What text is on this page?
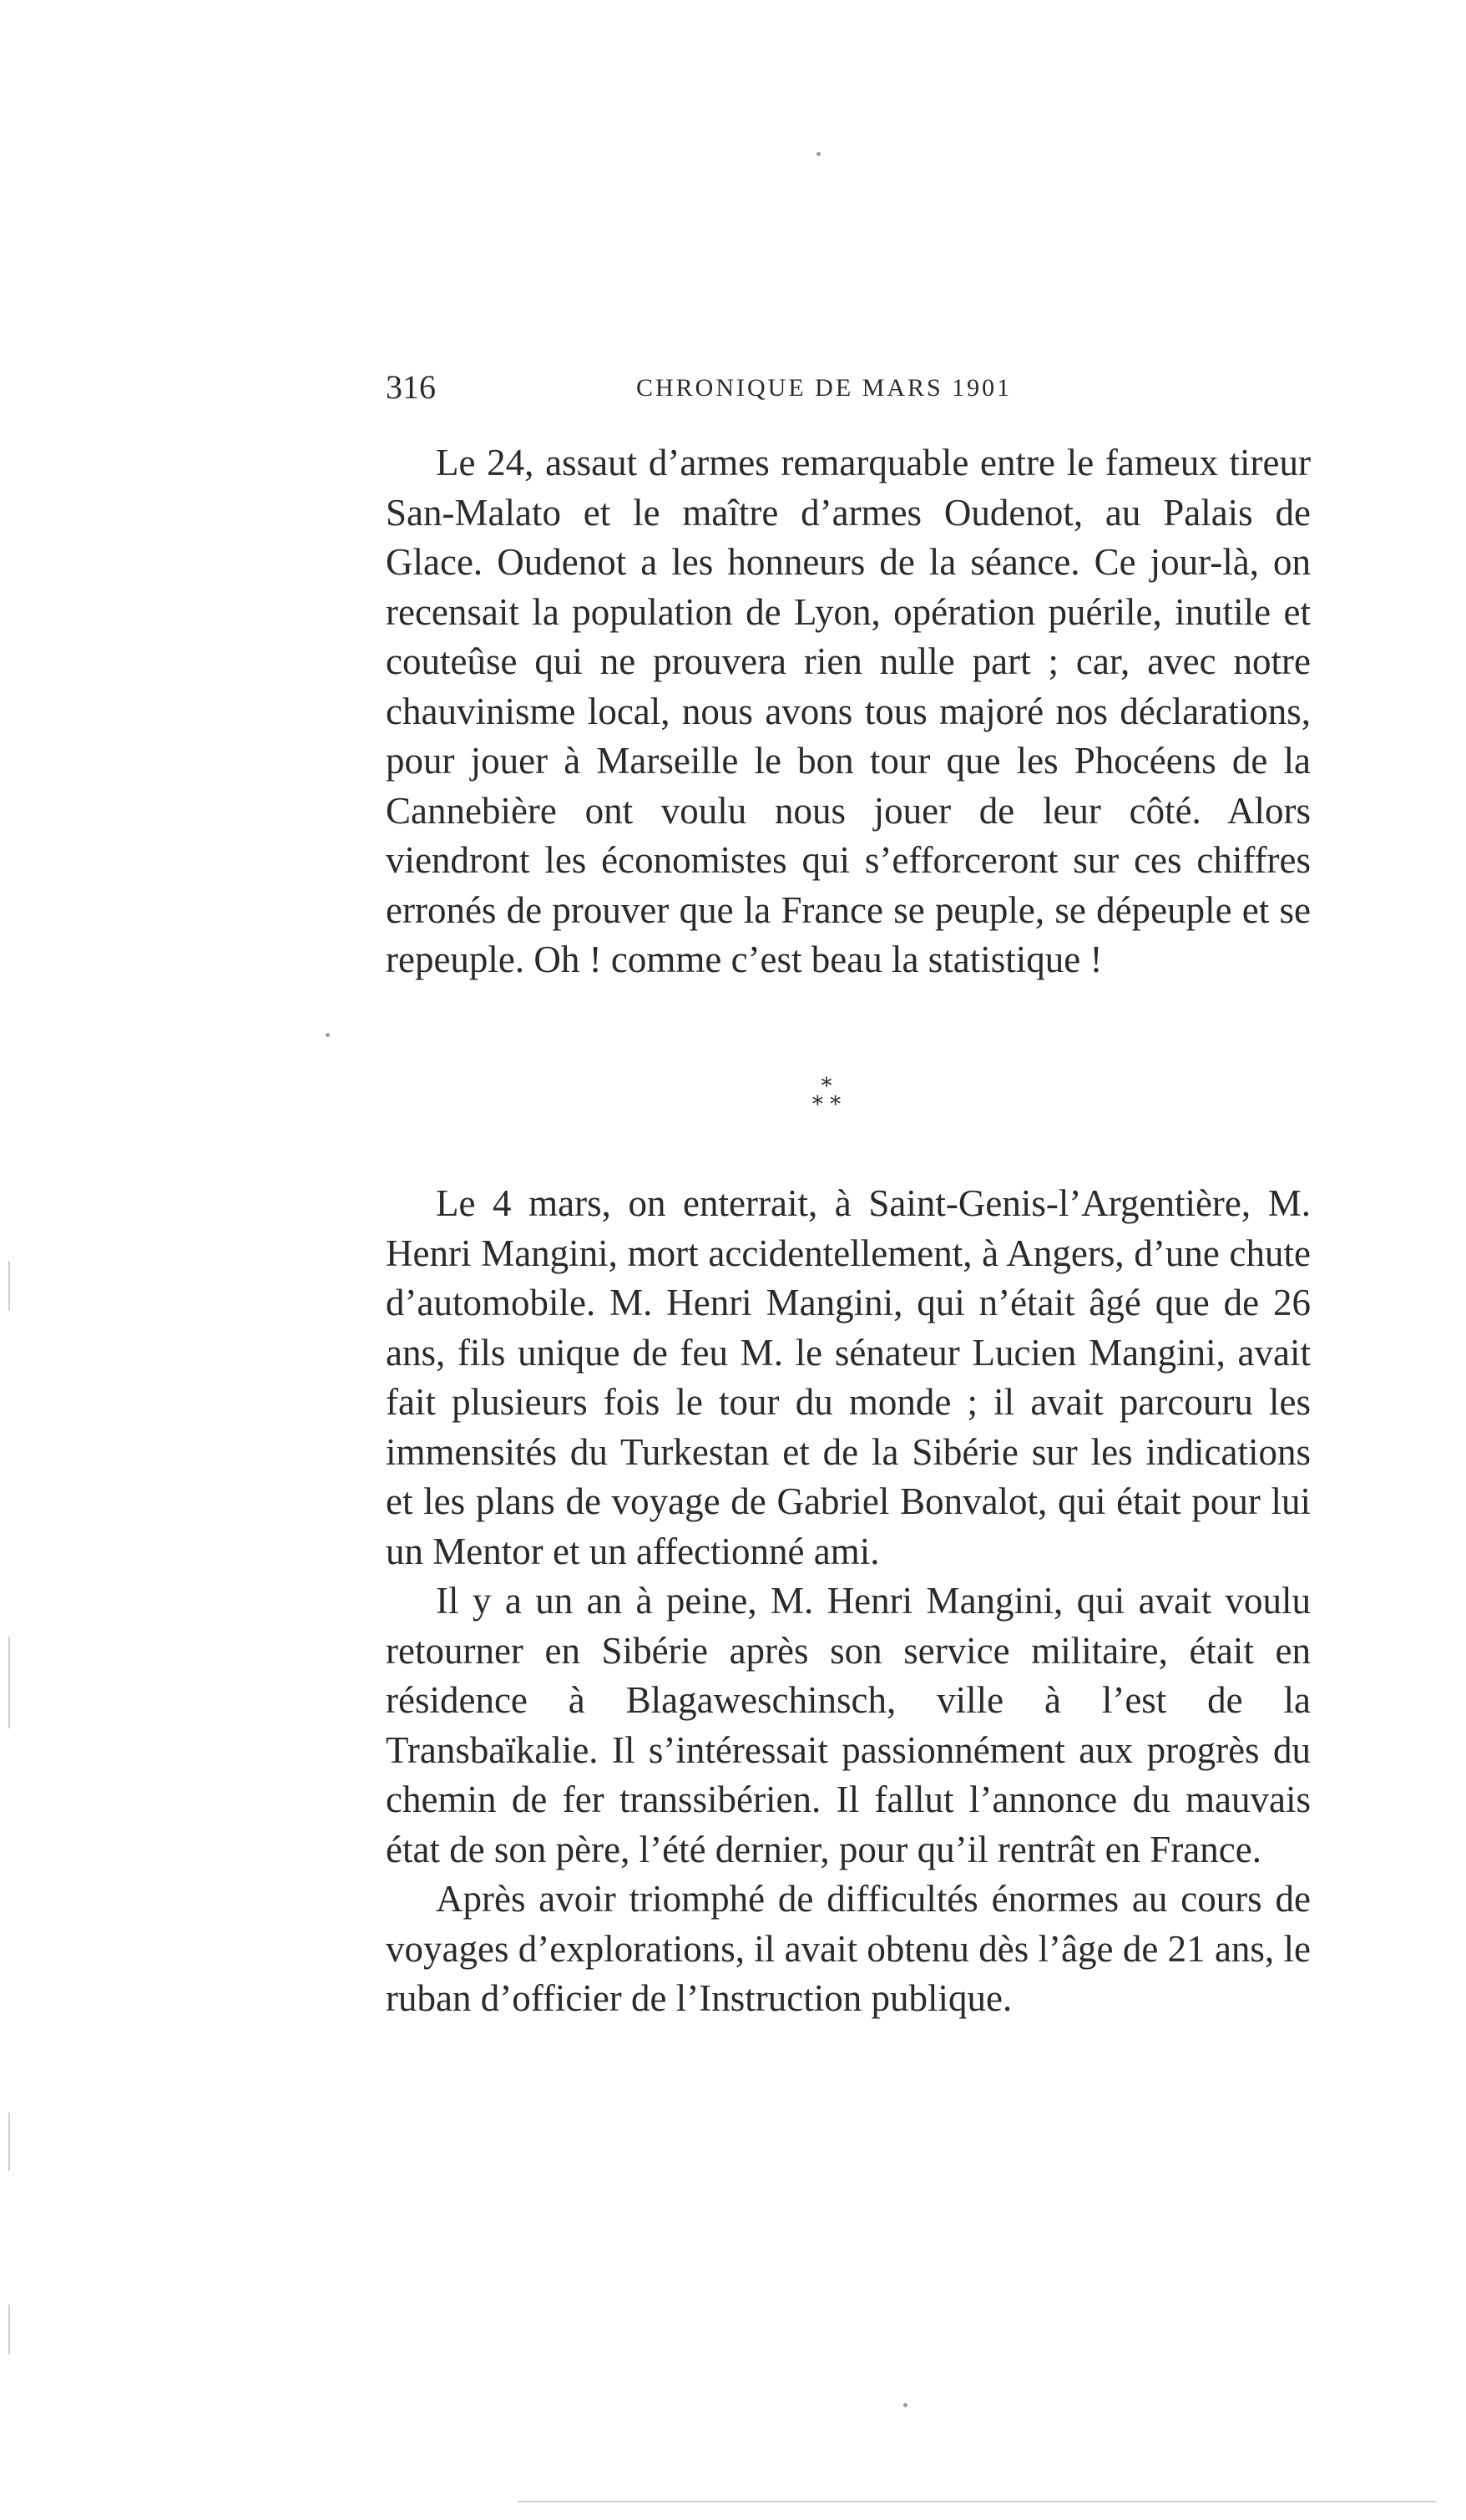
316	CHRONIQUE DE MARS 1901

Le 24, assaut d’armes remarquable entre le fameux tireur San-Malato et le maître d’armes Oudenot, au Palais de Glace. Oudenot a les honneurs de la séance. Ce jour-là, on recensait la population de Lyon, opération puérile, inutile et couteûse qui ne prouvera rien nulle part ; car, avec notre chauvinisme local, nous avons tous majoré nos déclarations, pour jouer à Marseille le bon tour que les Phocéens de la Cannebière ont voulu nous jouer de leur côté. Alors viendront les économistes qui s’efforceront sur ces chiffres erronés de prouver que la France se peuple, se dépeuple et se repeuple. Oh ! comme c’est beau la statistique !

*
* *

Le 4 mars, on enterrait, à Saint-Genis-l’Argentière, M. Henri Mangini, mort accidentellement, à Angers, d’une chute d’automobile. M. Henri Mangini, qui n’était âgé que de 26 ans, fils unique de feu M. le sénateur Lucien Mangini, avait fait plusieurs fois le tour du monde ; il avait parcouru les immensités du Turkestan et de la Sibérie sur les indications et les plans de voyage de Gabriel Bonvalot, qui était pour lui un Mentor et un affectionné ami.

Il y a un an à peine, M. Henri Mangini, qui avait voulu retourner en Sibérie après son service militaire, était en résidence à Blagaweschinsch, ville à l’est de la Transbaïkalie. Il s’intéressait passionnément aux progrès du chemin de fer transsibérien. Il fallut l’annonce du mauvais état de son père, l’été dernier, pour qu’il rentrât en France.

Après avoir triomphé de difficultés énormes au cours de voyages d’explorations, il avait obtenu dès l’âge de 21 ans, le ruban d’officier de l’Instruction publique.
